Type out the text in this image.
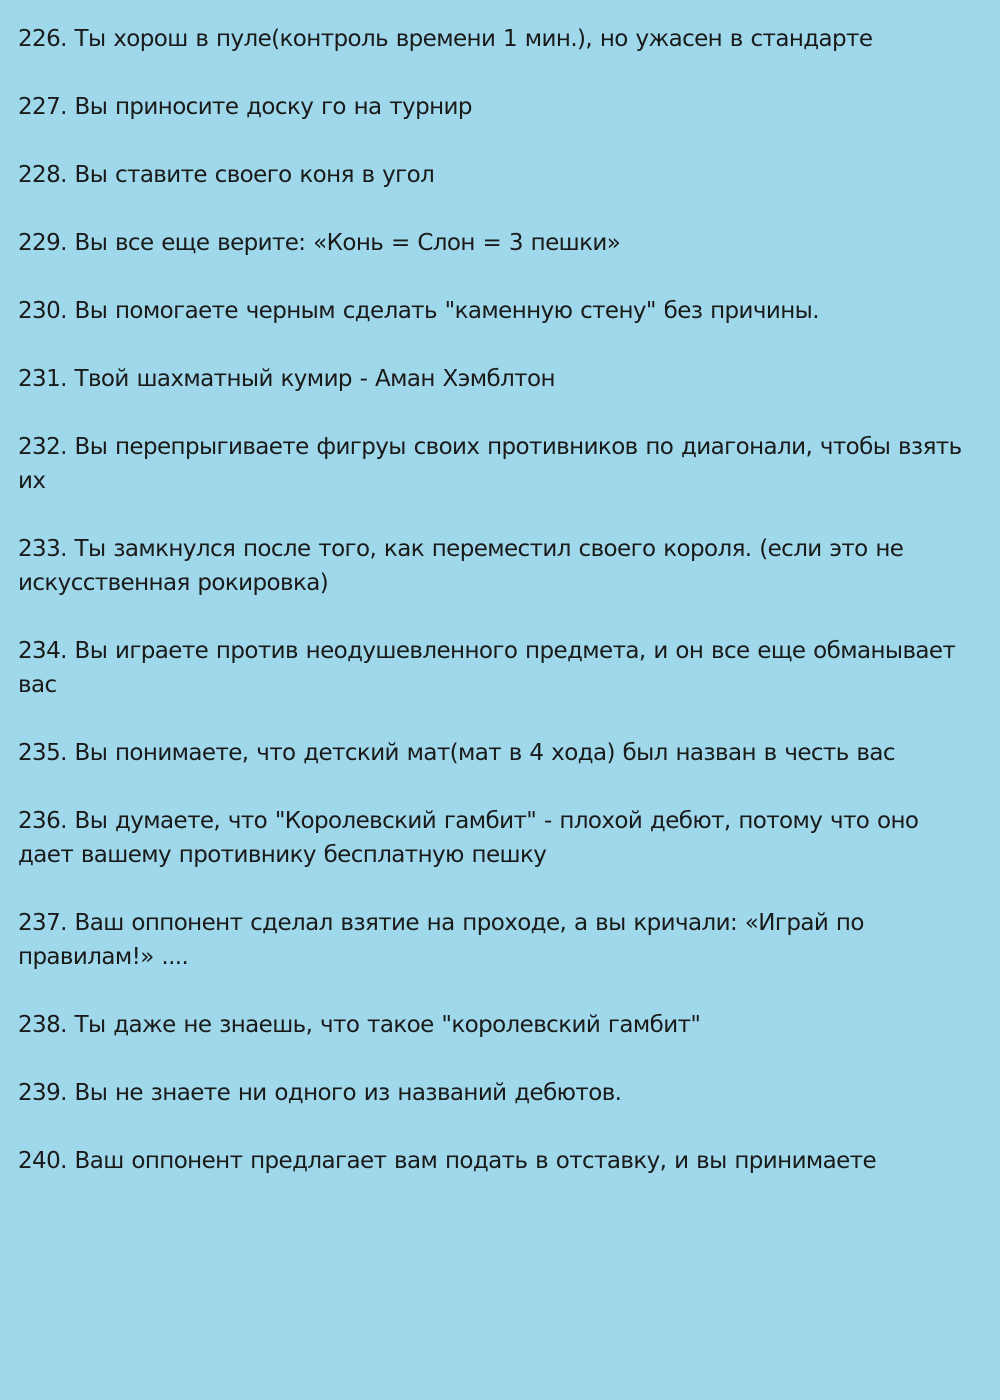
226. Ты хорош в пуле(контроль времени 1 мин.), но ужасен в стандарте
227. Вы приносите доску го на турнир
228. Вы ставите своего коня в угол
229. Вы все еще верите: «Конь = Слон = 3 пешки»
230. Вы помогаете черным сделать "каменную стену" без причины.
231. Твой шахматный кумир - Аман Хэмблтон
232. Вы перепрыгиваете фигруы своих противников по диагонали, чтобы взять их
233. Ты замкнулся после того, как переместил своего короля. (если это не искусственная рокировка)
234. Вы играете против неодушевленного предмета, и он все еще обманывает вас
235. Вы понимаете, что детский мат(мат в 4 хода) был назван в честь вас
236. Вы думаете, что "Королевский гамбит" - плохой дебют, потому что оно дает вашему противнику бесплатную пешку
237. Ваш оппонент сделал взятие на проходе, а вы кричали: «Играй по правилам!» ....
238. Ты даже не знаешь, что такое "королевский гамбит"
239. Вы не знаете ни одного из названий дебютов.
240. Ваш оппонент предлагает вам подать в отставку, и вы принимаете
